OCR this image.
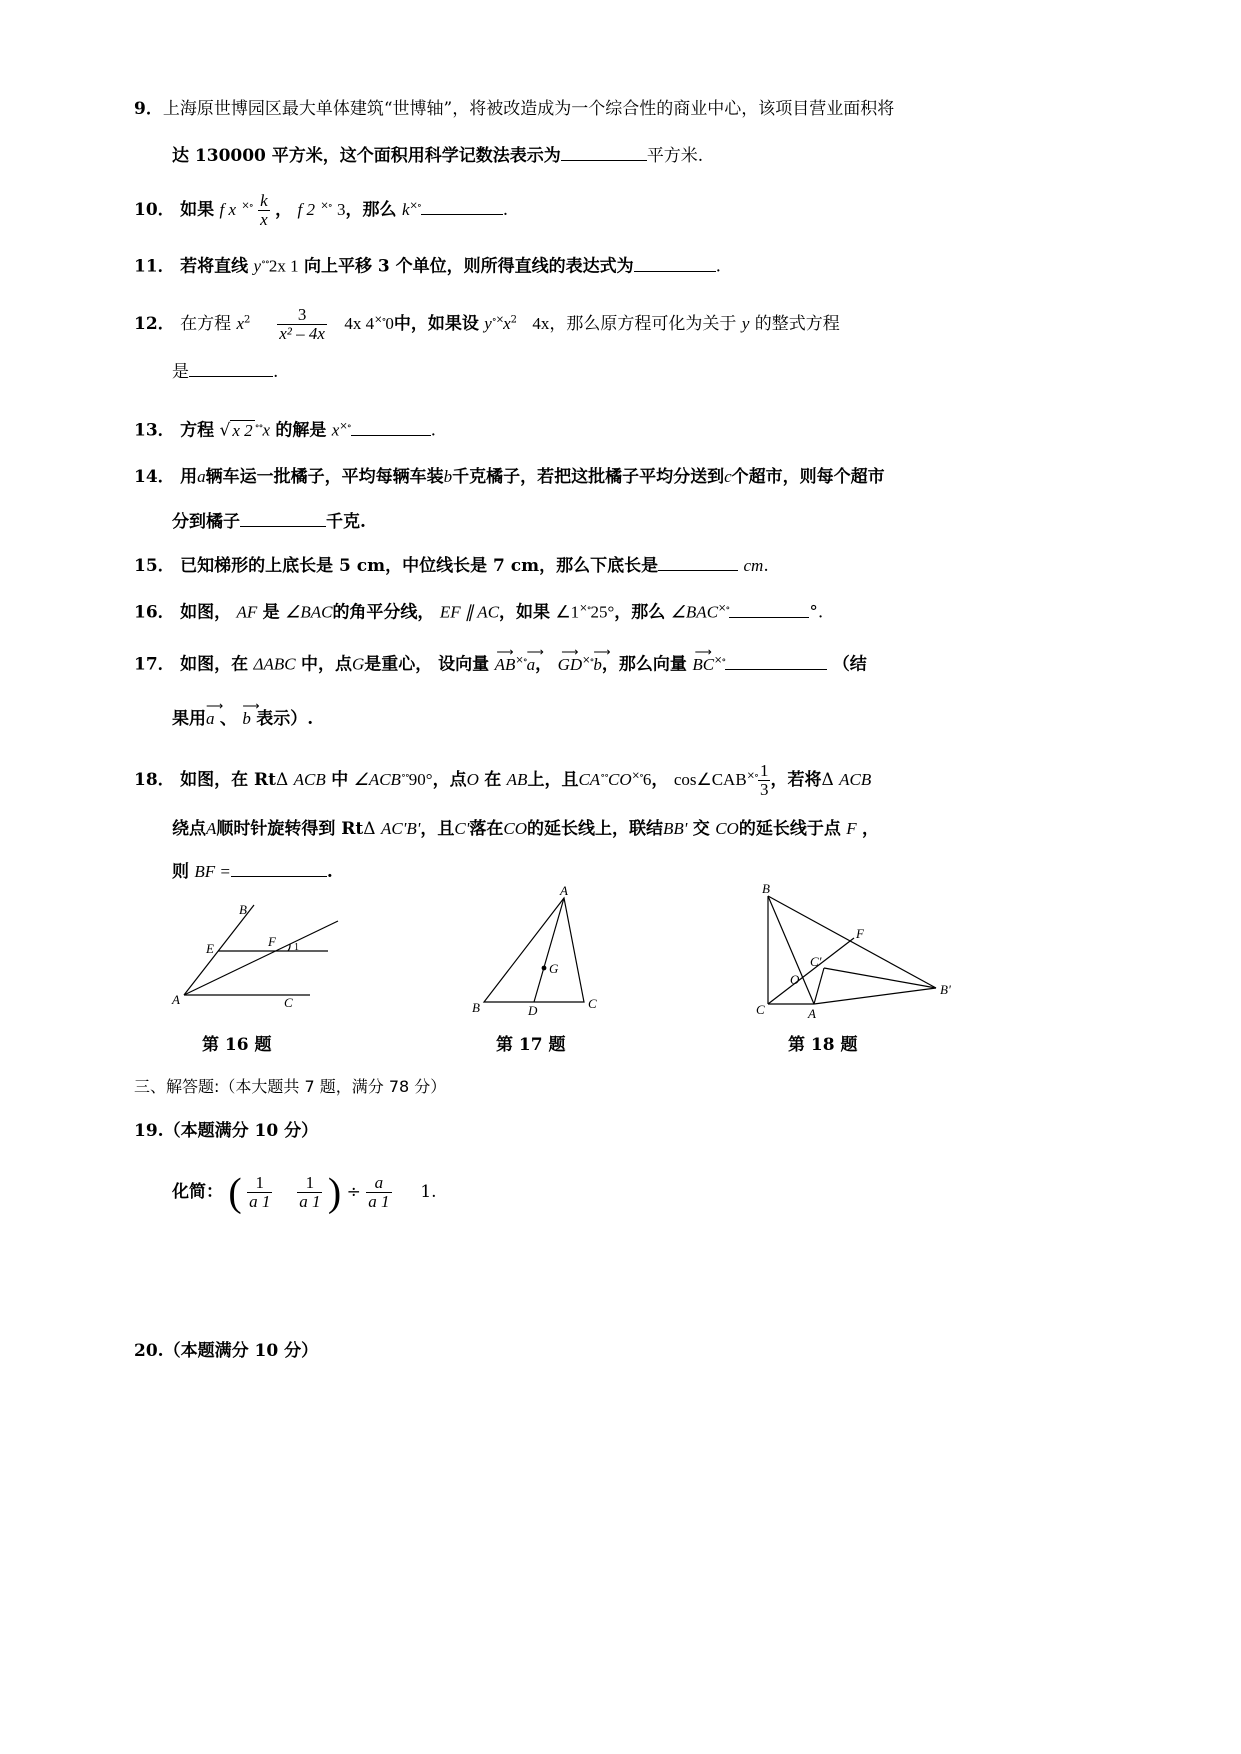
9．上海原世博园区最大单体建筑“世博轴”，将被改造成为一个综合性的商业中心，该项目营业面积将
达 130000 平方米，这个面积用科学记数法表示为	平方米.
10． 如果 f x $^{\times\circ} \frac{k}{x}$ ， f 2 ×∘ 3，那么 k×∘	.
11． 若将直线 y∘∘2x 1 向上平移 3 个单位，则所得直线的表达式为	.
12． 在方程 $x^2 \frac{3}{\text{x² – 4x}} 4x$ 4×∘0中，如果设 $y^{\circ\times}x^2$ 4x，那么原方程可化为关于 y 的整式方程
是	.
13． 方程 √ x 2 ∘∘x 的解是 x×∘	.
14． 用a辆车运一批橘子，平均每辆车装b千克橘子，若把这批橘子平均分送到c个超市，则每个超市
分到橘子	千克.
15． 已知梯形的上底长是 5 cm，中位线长是 7 cm，那么下底长是	cm.
16． 如图， AF 是 ∠BAC的角平分线， EF ∥ AC，如果 ∠1×∘25°，那么 ∠BAC×∘	°.
17． 如图，在 ΔABC 中，点G是重心， 设向量 ⟶ AB×∘⟶ a， ⟶ GD×∘⟶ b，那么向量 ⟶ BC×∘	（结
果用⟶ a 、 ⟶ b 表示）.
18． 如图，在 RtΔ ACB 中 ∠ACB∘∘90°，点O 在 AB上，且CA∘∘CO×∘6， cos∠CAB×∘ $\frac{1}{3}$ ，若将Δ ACB
绕点A顺时针旋转得到 RtΔ AC'B'，且C'落在CO的延长线上，联结BB' 交 CO的延长线于点 F ，
则 BF =	.
B
E	F 1
A	C
A
G
B	D	C
B
F
C'
O
B'
C	A
第 16 题	第 17 题	第 18 题
三、解答题:（本大题共 7 题，满分 78 分）
19.（本题满分 10 分）
化简： ( $\frac{1}{a 1}$
$\frac{1}{a 1}$ ) ÷ $\frac{a}{a 1} 1$.
20.（本题满分 10 分）
